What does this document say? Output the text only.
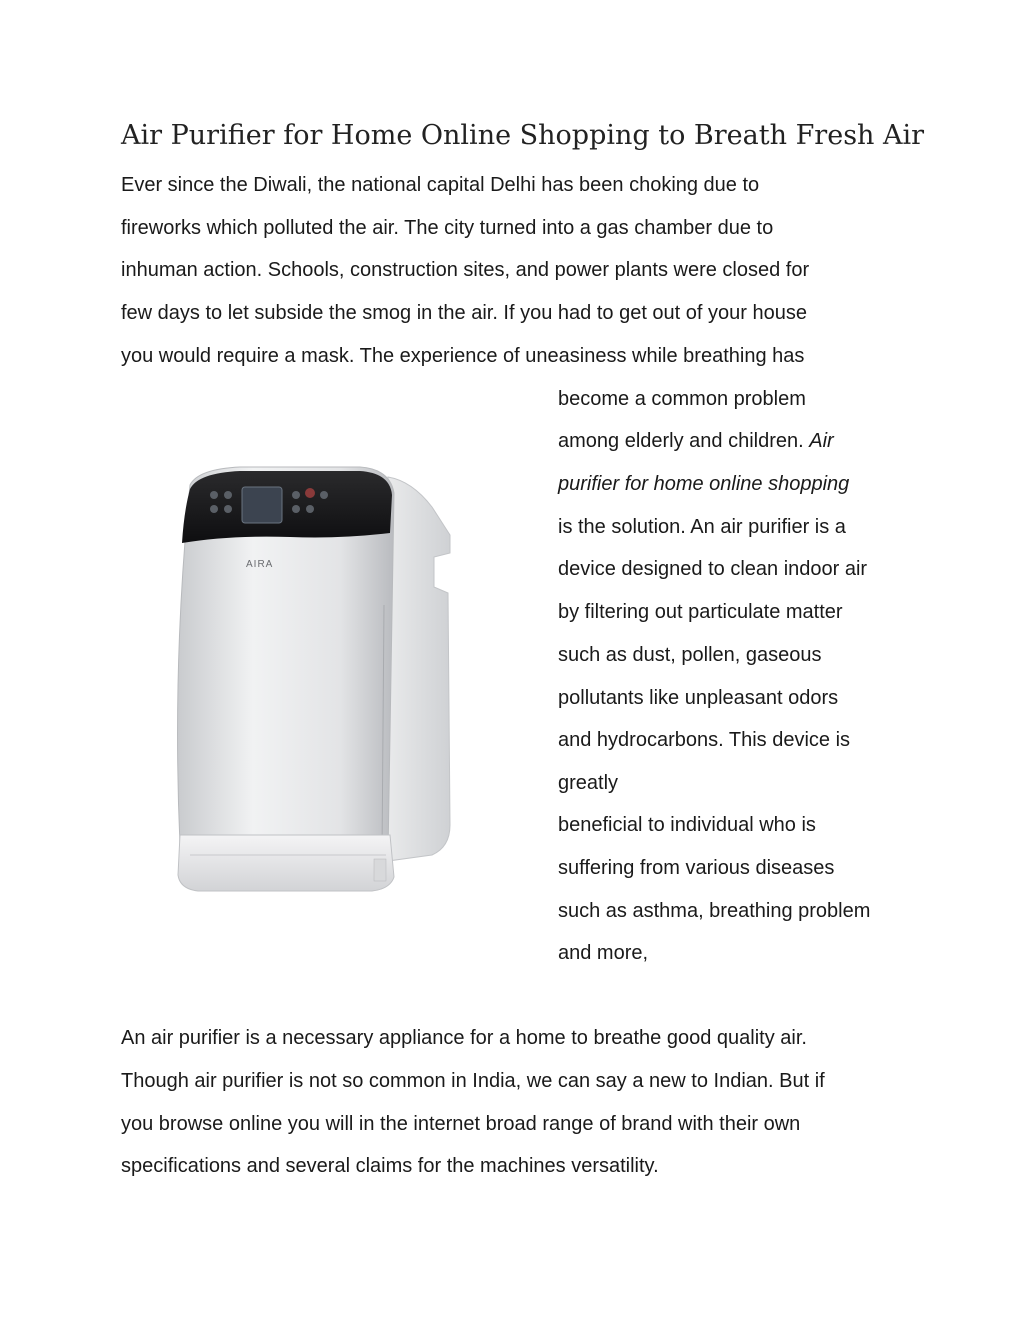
Air Purifier for Home Online Shopping to Breath Fresh Air
Ever since the Diwali, the national capital Delhi has been choking due to
fireworks which polluted the air. The city turned into a gas chamber due to
inhuman action. Schools, construction sites, and power plants were closed for
few days to let subside the smog in the air. If you had to get out of your house
you would require a mask. The experience of uneasiness while breathing has
AIRA
become a common problem
among elderly and children. Air
purifier for home online shopping
is the solution. An air purifier is a
device designed to clean indoor air
by filtering out particulate matter
such as dust, pollen, gaseous
pollutants like unpleasant odors
and hydrocarbons. This device is
greatly
beneficial to individual who is
suffering from various diseases
such as asthma, breathing problem
and more,
An air purifier is a necessary appliance for a home to breathe good quality air.
Though air purifier is not so common in India, we can say a new to Indian. But if
you browse online you will in the internet broad range of brand with their own
specifications and several claims for the machines versatility.
